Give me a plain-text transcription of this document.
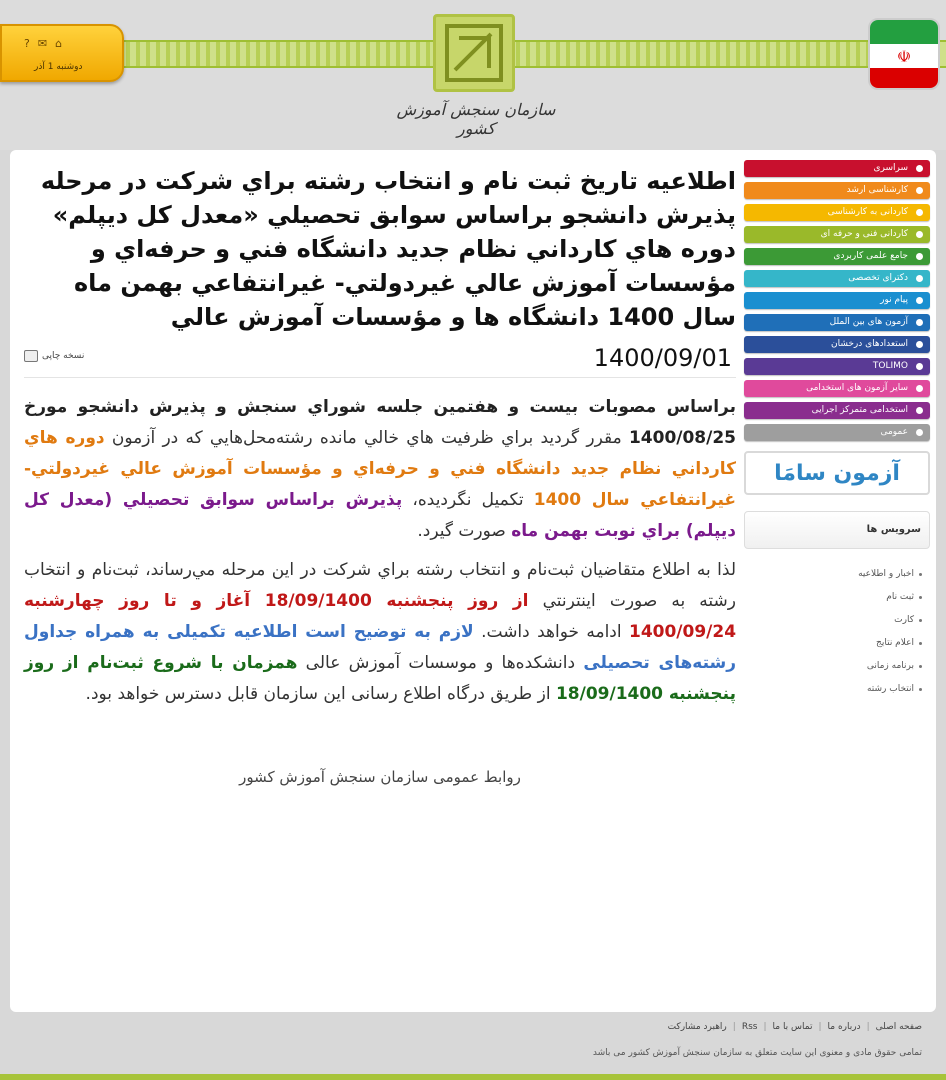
? ✉ ⌂
دوشنبه 1 آذر
سازمان سنجش آموزش کشور
☫
اطلاعيه تاريخ ثبت نام و انتخاب رشته براي شركت در مرحله پذيرش دانشجو براساس سوابق تحصيلي «معدل كل ديپلم» دوره هاي كارداني نظام جديد دانشگاه فني و حرفه‌اي و مؤسسات آموزش عالي غيردولتي- غيرانتفاعي بهمن ماه سال 1400 دانشگاه ها و مؤسسات آموزش عالي
1400/09/01
نسخه چاپی

براساس مصوبات بيست و هفتمين جلسه شوراي سنجش و پذيرش دانشجو مورخ 1400/08/25 مقرر گرديد براي ظرفيت هاي خالي مانده رشته‌محل‌هايي كه در آزمون دوره هاي كارداني نظام جديد دانشگاه فني و حرفه‌اي و مؤسسات آموزش عالي غيردولتي- غيرانتفاعي سال 1400 تكميل نگرديده، پذيرش براساس سوابق تحصيلي (معدل كل ديپلم) براي نوبت بهمن ماه صورت گيرد.

لذا به اطلاع متقاضيان ثبت‌نام و انتخاب رشته براي شركت در اين مرحله مي‌رساند، ثبت‌نام و انتخاب رشته به صورت اينترنتي از روز پنجشنبه 18/09/1400 آغاز و تا روز چهارشنبه 1400/09/24 ادامه خواهد داشت. لازم به توضیح است اطلاعیه تکمیلی به همراه جداول رشته‌های تحصیلی دانشکده‌ها و موسسات آموزش عالی همزمان با شروع ثبت‌نام از روز پنجشنبه 18/09/1400 از طریق درگاه اطلاع رسانی این سازمان قابل دسترس خواهد بود.

روابط عمومی سازمان سنجش آموزش کشور
سراسری
کارشناسی ارشد
کاردانی به کارشناسی
کاردانی فنی و حرفه ای
جامع علمی کاربردی
دکترای تخصصی
پیام نور
آزمون های بین الملل
استعدادهای درخشان
TOLIMO
سایر آزمون های استخدامی
استخدامی متمرکز اجرایی
عمومی
آزمون سامَا
سرویس ها
اخبار و اطلاعیه
ثبت نام
کارت
اعلام نتایج
برنامه زمانی
انتخاب رشته
صفحه اصلی
|
درباره ما
|
تماس با ما
|
Rss
|
راهبرد مشارکت
تمامی حقوق مادی و معنوی این سایت متعلق به سازمان سنجش آموزش کشور می باشد
